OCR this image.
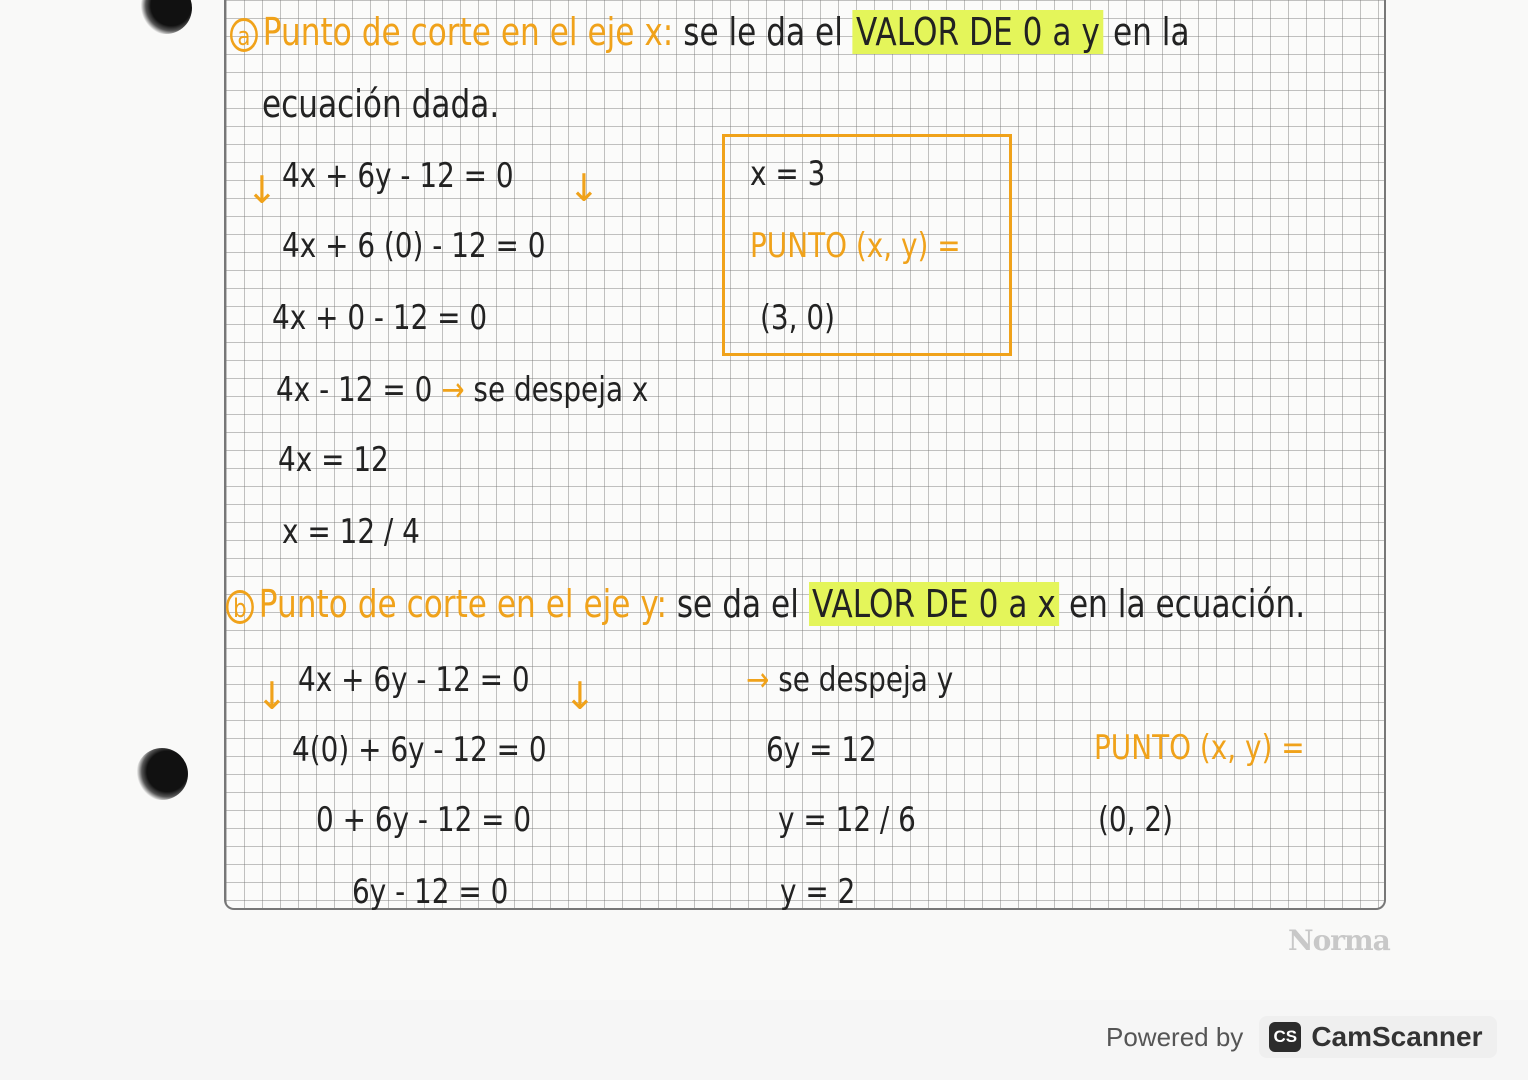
a Punto de corte en el eje x: se le da el VALOR DE 0 a y en la
ecuación dada.
↓ 4x + 6y - 12 = 0 ↓
4x + 6 (0) - 12 = 0
4x + 0 - 12 = 0
4x - 12 = 0 → se despeja x
4x = 12
x = 12 / 4
x = 3
PUNTO (x, y) =
(3, 0)
b Punto de corte en el eje y: se da el VALOR DE 0 a x en la ecuación.
↓ 4x + 6y - 12 = 0 ↓
4(0) + 6y - 12 = 0
0 + 6y - 12 = 0
6y - 12 = 0
→ se despeja y
6y = 12
y = 12 / 6
y = 2
PUNTO (x, y) =
(0, 2)
Norma
Powered by CS CamScanner
